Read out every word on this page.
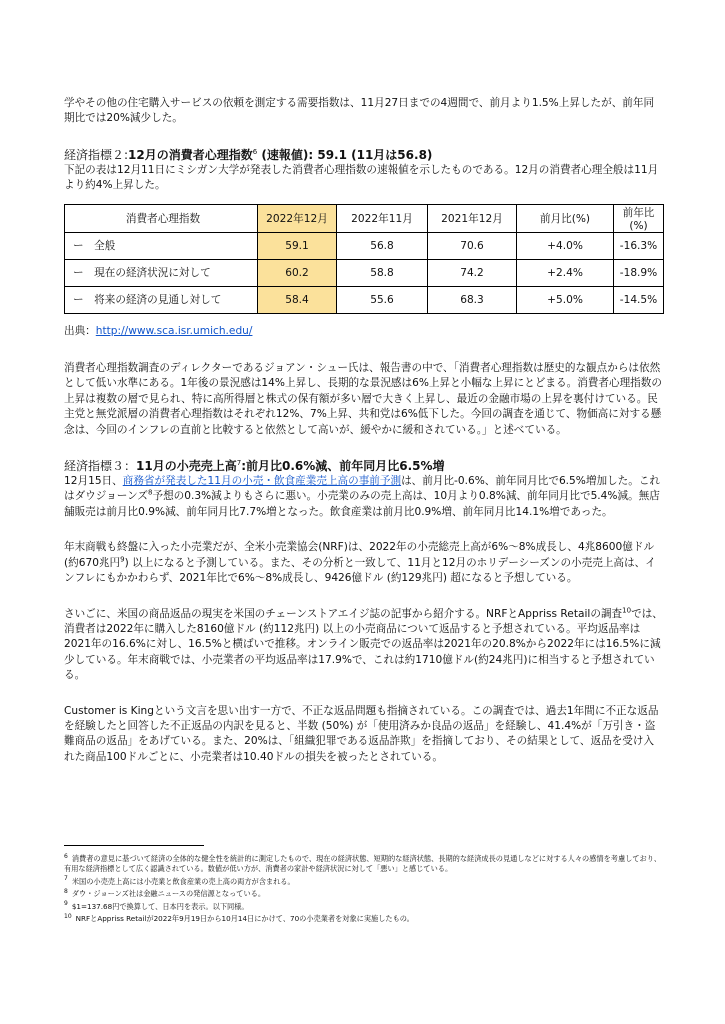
学やその他の住宅購入サービスの依頼を測定する需要指数は、11月27日までの4週間で、前月より1.5%上昇したが、前年同期比では20%減少した。

経済指標２:12月の消費者心理指数$^6$ (速報値): 59.1 (11月は56.8)

下記の表は12月11日にミシガン大学が発表した消費者心理指数の速報値を示したものである。12月の消費者心理全般は11月より約4%上昇した。

消費者心理指数	2022年12月	2022年11月	2021年12月	前月比(%)	前年比(%)
ー　全般	59.1	56.8	70.6	+4.0%	-16.3%
ー　現在の経済状況に対して	60.2	58.8	74.2	+2.4%	-18.9%
ー　将来の経済の見通し対して	58.4	55.6	68.3	+5.0%	-14.5%

出典：http://www.sca.isr.umich.edu/

消費者心理指数調査のディレクターであるジョアン・シュー氏は、報告書の中で、「消費者心理指数は歴史的な観点からは依然として低い水準にある。1年後の景況感は14%上昇し、長期的な景況感は6%上昇と小幅な上昇にとどまる。消費者心理指数の上昇は複数の層で見られ、特に高所得層と株式の保有額が多い層で大きく上昇し、最近の金融市場の上昇を裏付けている。民主党と無党派層の消費者心理指数はそれぞれ12%、7%上昇、共和党は6%低下した。今回の調査を通じて、物価高に対する懸念は、今回のインフレの直前と比較すると依然として高いが、緩やかに緩和されている。」と述べている。

経済指標３：11月の小売売上高$^7$:前月比0.6%減、前年同月比6.5%増

12月15日、商務省が発表した11月の小売・飲食産業売上高の事前予測は、前月比-0.6%、前年同月比で6.5%増加した。これはダウジョーンズ$^8$予想の0.3%減よりもさらに悪い。小売業のみの売上高は、10月より0.8%減、前年同月比で5.4%減。無店舗販売は前月比0.9%減、前年同月比7.7%増となった。飲食産業は前月比0.9%増、前年同月比14.1%増であった。

年末商戦も終盤に入った小売業だが、全米小売業協会(NRF)は、2022年の小売総売上高が6%～8%成長し、4兆8600億ドル(約670兆円$^9$) 以上になると予測している。また、その分析と一致して、11月と12月のホリデーシーズンの小売売上高は、インフレにもかかわらず、2021年比で6%～8%成長し、9426億ドル (約129兆円) 超になると予想している。

さいごに、米国の商品返品の現実を米国のチェーンストアエイジ誌の記事から紹介する。NRFとAppriss Retailの調査$^{10}$では、消費者は2022年に購入した8160億ドル (約112兆円) 以上の小売商品について返品すると予想されている。平均返品率は2021年の16.6%に対し、16.5%と横ばいで推移。オンライン販売での返品率は2021年の20.8%から2022年には16.5%に減少している。年末商戦では、小売業者の平均返品率は17.9%で、これは約1710億ドル(約24兆円)に相当すると予想されている。

Customer is Kingという文言を思い出す一方で、不正な返品問題も指摘されている。この調査では、過去1年間に不正な返品を経験したと回答した不正返品の内訳を見ると、半数 (50%) が「使用済みか良品の返品」を経験し、41.4%が「万引き・盗難商品の返品」をあげている。また、20%は、「組織犯罪である返品詐欺」を指摘しており、その結果として、返品を受け入れた商品100ドルごとに、小売業者は10.40ドルの損失を被ったとされている。

$^6$ 消費者の意見に基づいて経済の全体的な健全性を統計的に測定したもので、現在の経済状態、短期的な経済状態、長期的な経済成長の見通しなどに対する人々の感情を考慮しており、有用な経済指標として広く認識されている。数値が低い方が、消費者の家計や経済状況に対して「悪い」と感じている。
$^7$ 米国の小売売上高には小売業と飲食産業の売上高の両方が含まれる。
$^8$ ダウ・ジョーンズ社は金融ニュースの発信源となっている。
$^9$ $1=137.68円で換算して、日本円を表示。以下同様。
$^{10}$ NRFとAppriss Retailが2022年9月19日から10月14日にかけて、70の小売業者を対象に実施したもの。
